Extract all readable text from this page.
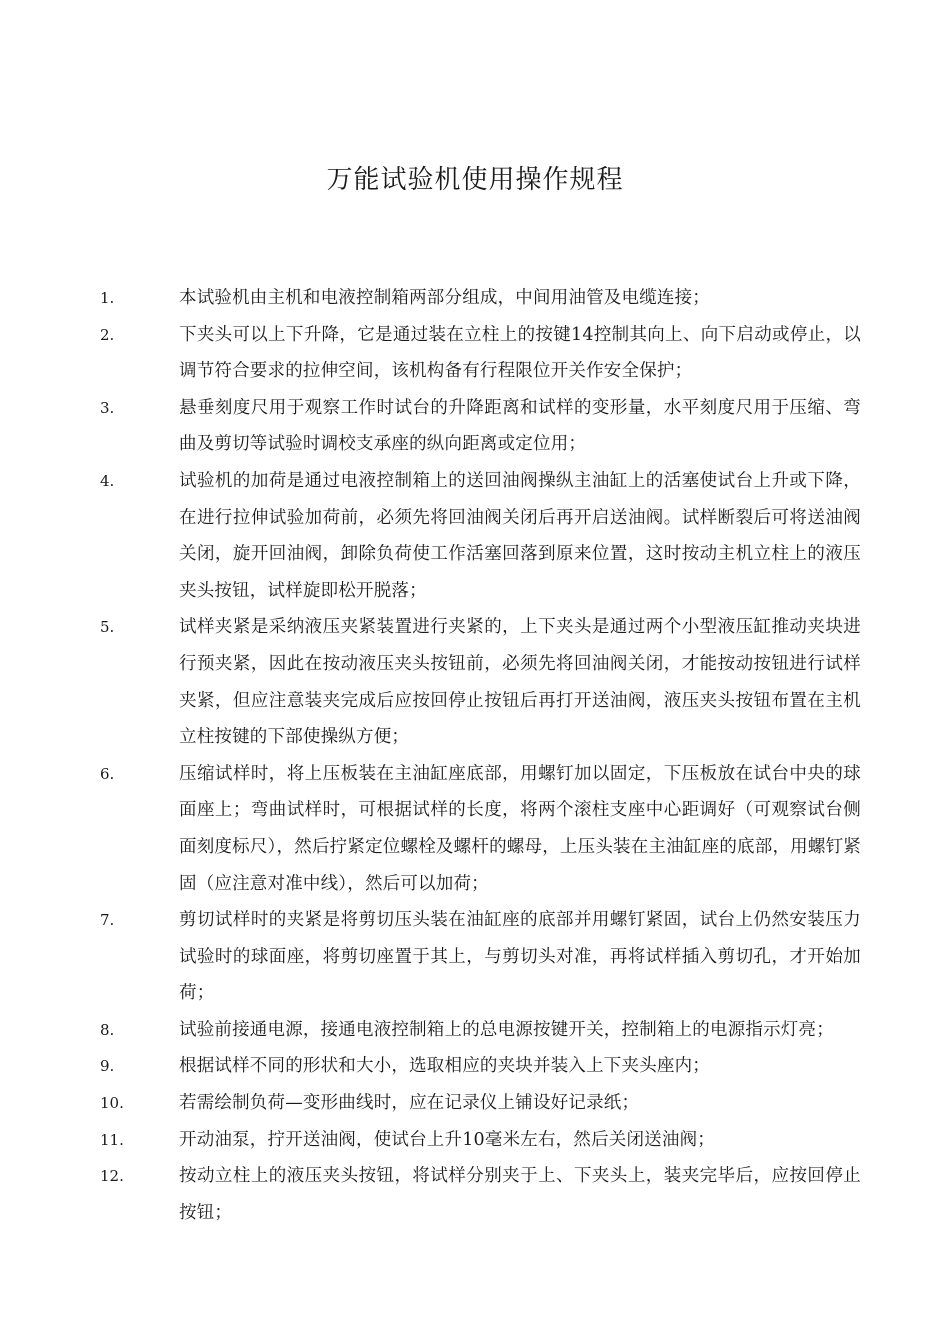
万能试验机使用操作规程
1.	本试验机由主机和电液控制箱两部分组成，中间用油管及电缆连接；
2.	下夹头可以上下升降，它是通过装在立柱上的按键14控制其向上、向下启动或停止，以调节符合要求的拉伸空间，该机构备有行程限位开关作安全保护；
3.	悬垂刻度尺用于观察工作时试台的升降距离和试样的变形量，水平刻度尺用于压缩、弯曲及剪切等试验时调校支承座的纵向距离或定位用；
4.	试验机的加荷是通过电液控制箱上的送回油阀操纵主油缸上的活塞使试台上升或下降，在进行拉伸试验加荷前，必须先将回油阀关闭后再开启送油阀。试样断裂后可将送油阀关闭，旋开回油阀，卸除负荷使工作活塞回落到原来位置，这时按动主机立柱上的液压夹头按钮，试样旋即松开脱落；
5.	试样夹紧是采纳液压夹紧装置进行夹紧的，上下夹头是通过两个小型液压缸推动夹块进行预夹紧，因此在按动液压夹头按钮前，必须先将回油阀关闭，才能按动按钮进行试样夹紧，但应注意装夹完成后应按回停止按钮后再打开送油阀，液压夹头按钮布置在主机立柱按键的下部使操纵方便；
6.	压缩试样时，将上压板装在主油缸座底部，用螺钉加以固定，下压板放在试台中央的球面座上；弯曲试样时，可根据试样的长度，将两个滚柱支座中心距调好（可观察试台侧面刻度标尺），然后拧紧定位螺栓及螺杆的螺母，上压头装在主油缸座的底部，用螺钉紧固（应注意对准中线），然后可以加荷；
7.	剪切试样时的夹紧是将剪切压头装在油缸座的底部并用螺钉紧固，试台上仍然安装压力试验时的球面座，将剪切座置于其上，与剪切头对准，再将试样插入剪切孔，才开始加荷；
8.	试验前接通电源，接通电液控制箱上的总电源按键开关，控制箱上的电源指示灯亮；
9.	根据试样不同的形状和大小，选取相应的夹块并装入上下夹头座内；
10.	若需绘制负荷—变形曲线时，应在记录仪上铺设好记录纸；
11.	开动油泵，拧开送油阀，使试台上升10毫米左右，然后关闭送油阀；
12.	按动立柱上的液压夹头按钮，将试样分别夹于上、下夹头上，装夹完毕后，应按回停止按钮；
